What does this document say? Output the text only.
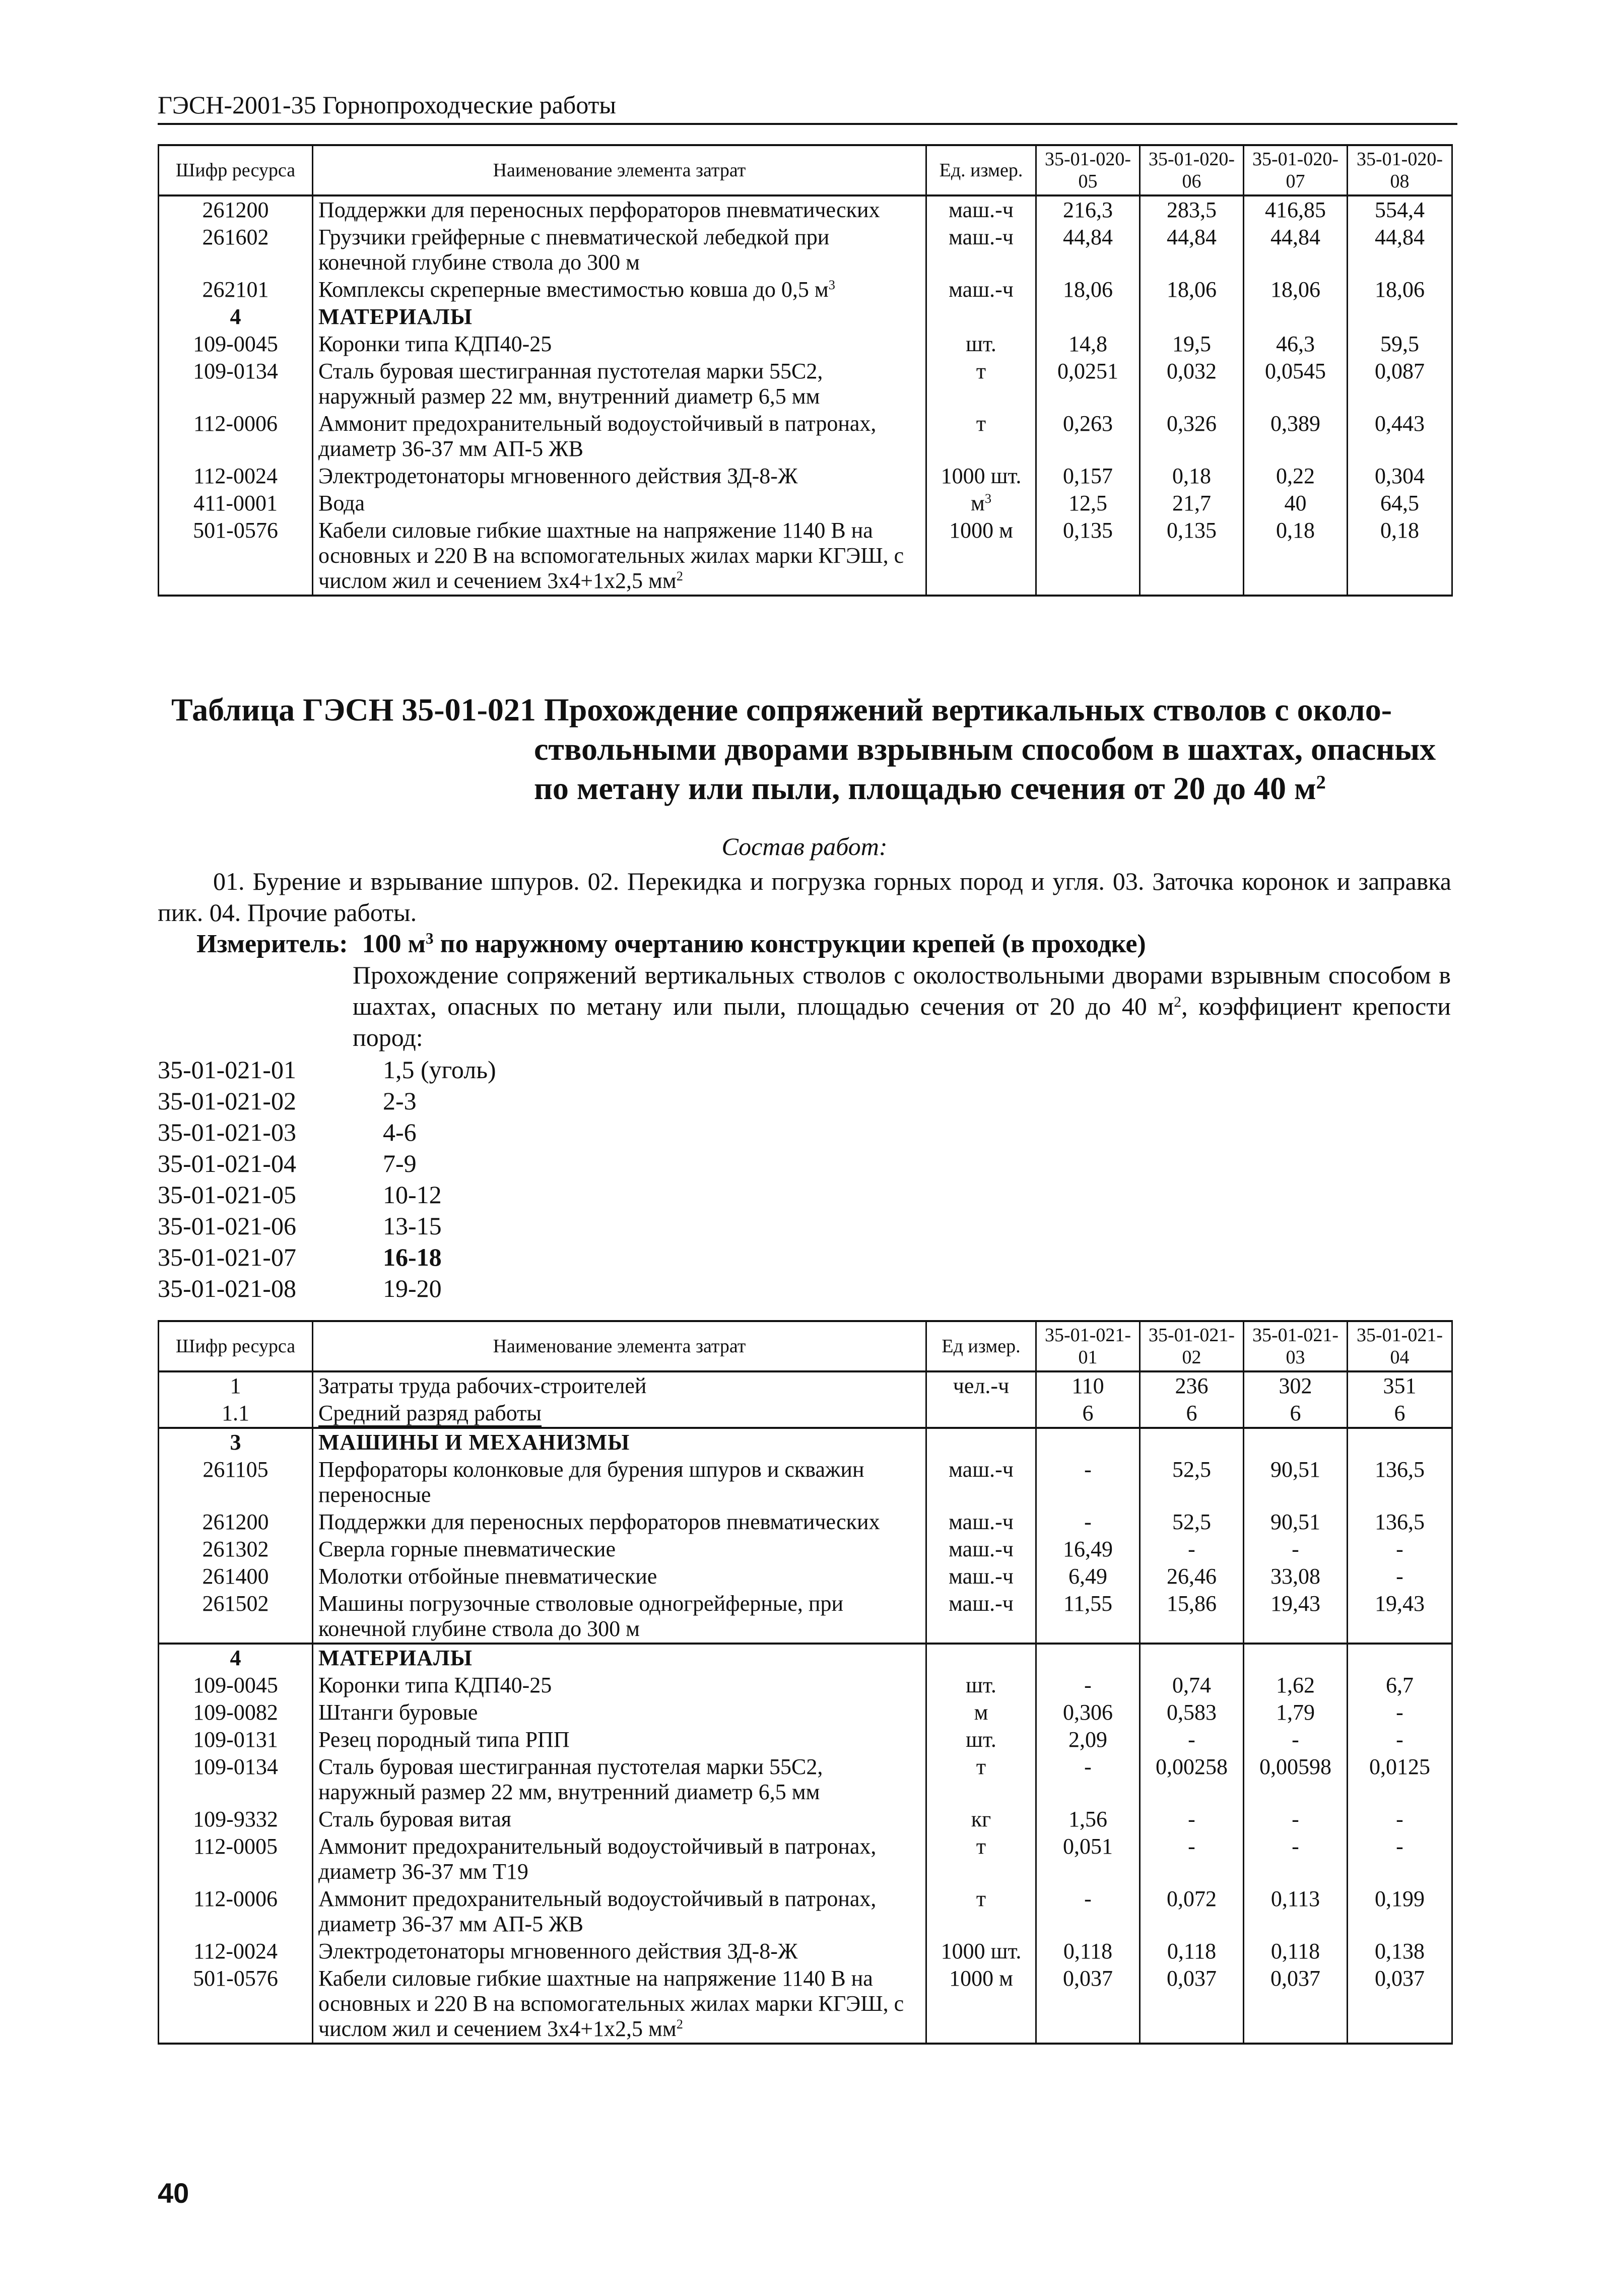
ГЭСН-2001-35 Горнопроходческие работы
Шифр ресурса	Наименование элемента затрат	Ед. измер.	35-01-020-05	35-01-020-06	35-01-020-07	35-01-020-08
261200	Поддержки для переносных перфораторов пневматических	маш.-ч	216,3	283,5	416,85	554,4
261602	Грузчики грейферные с пневматической лебедкой при конечной глубине ствола до 300 м	маш.-ч	44,84	44,84	44,84	44,84
262101	Комплексы скреперные вместимостью ковша до 0,5 $м^3$	маш.-ч	18,06	18,06	18,06	18,06
4	МАТЕРИАЛЫ					
109-0045	Коронки типа КДП40-25	шт.	14,8	19,5	46,3	59,5
109-0134	Сталь буровая шестигранная пустотелая марки 55С2, наружный размер 22 мм, внутренний диаметр 6,5 мм	т	0,0251	0,032	0,0545	0,087
112-0006	Аммонит предохранительный водоустойчивый в патронах, диаметр 36-37 мм АП-5 ЖВ	т	0,263	0,326	0,389	0,443
112-0024	Электродетонаторы мгновенного действия ЗД-8-Ж	1000 шт.	0,157	0,18	0,22	0,304
411-0001	Вода	$м^3$	12,5	21,7	40	64,5
501-0576	Кабели силовые гибкие шахтные на напряжение 1140 В на основных и 220 В на вспомогательных жилах марки КГЭШ, с числом жил и сечением 3х4+1х2,5 $мм^2$	1000 м	0,135	0,135	0,18	0,18
Таблица ГЭСН 35-01-021 Прохождение сопряжений вертикальных стволов с около-
ствольными дворами взрывным способом в шахтах, опасных
по метану или пыли, площадью сечения от 20 до 40 $м^2$
Состав работ:
01. Бурение и взрывание шпуров. 02. Перекидка и погрузка горных пород и угля. 03. Заточка коронок и заправка пик. 04. Прочие работы.
Измеритель: 100 $м^3$ по наружному очертанию конструкции крепей (в проходке)
Прохождение сопряжений вертикальных стволов с околоствольными дворами взрывным способом в шахтах, опасных по метану или пыли, площадью сечения от 20 до 40 $м^2$, коэффициент крепости пород:
35-01-021-01	1,5 (уголь)
35-01-021-02	2-3
35-01-021-03	4-6
35-01-021-04	7-9
35-01-021-05	10-12
35-01-021-06	13-15
35-01-021-07	16-18
35-01-021-08	19-20
Шифр ресурса	Наименование элемента затрат	Ед измер.	35-01-021-01	35-01-021-02	35-01-021-03	35-01-021-04
1	Затраты труда рабочих-строителей	чел.-ч	110	236	302	351
1.1	Средний разряд работы		6	6	6	6
3	МАШИНЫ И МЕХАНИЗМЫ					
261105	Перфораторы колонковые для бурения шпуров и скважин переносные	маш.-ч	-	52,5	90,51	136,5
261200	Поддержки для переносных перфораторов пневматических	маш.-ч	-	52,5	90,51	136,5
261302	Сверла горные пневматические	маш.-ч	16,49	-	-	-
261400	Молотки отбойные пневматические	маш.-ч	6,49	26,46	33,08	-
261502	Машины погрузочные стволовые одногрейферные, при конечной глубине ствола до 300 м	маш.-ч	11,55	15,86	19,43	19,43
4	МАТЕРИАЛЫ					
109-0045	Коронки типа КДП40-25	шт.	-	0,74	1,62	6,7
109-0082	Штанги буровые	м	0,306	0,583	1,79	-
109-0131	Резец породный типа РПП	шт.	2,09	-	-	-
109-0134	Сталь буровая шестигранная пустотелая марки 55С2, наружный размер 22 мм, внутренний диаметр 6,5 мм	т	-	0,00258	0,00598	0,0125
109-9332	Сталь буровая витая	кг	1,56	-	-	-
112-0005	Аммонит предохранительный водоустойчивый в патронах, диаметр 36-37 мм Т19	т	0,051	-	-	-
112-0006	Аммонит предохранительный водоустойчивый в патронах, диаметр 36-37 мм АП-5 ЖВ	т	-	0,072	0,113	0,199
112-0024	Электродетонаторы мгновенного действия ЗД-8-Ж	1000 шт.	0,118	0,118	0,118	0,138
501-0576	Кабели силовые гибкие шахтные на напряжение 1140 В на основных и 220 В на вспомогательных жилах марки КГЭШ, с числом жил и сечением 3х4+1х2,5 $мм^2$	1000 м	0,037	0,037	0,037	0,037
40
